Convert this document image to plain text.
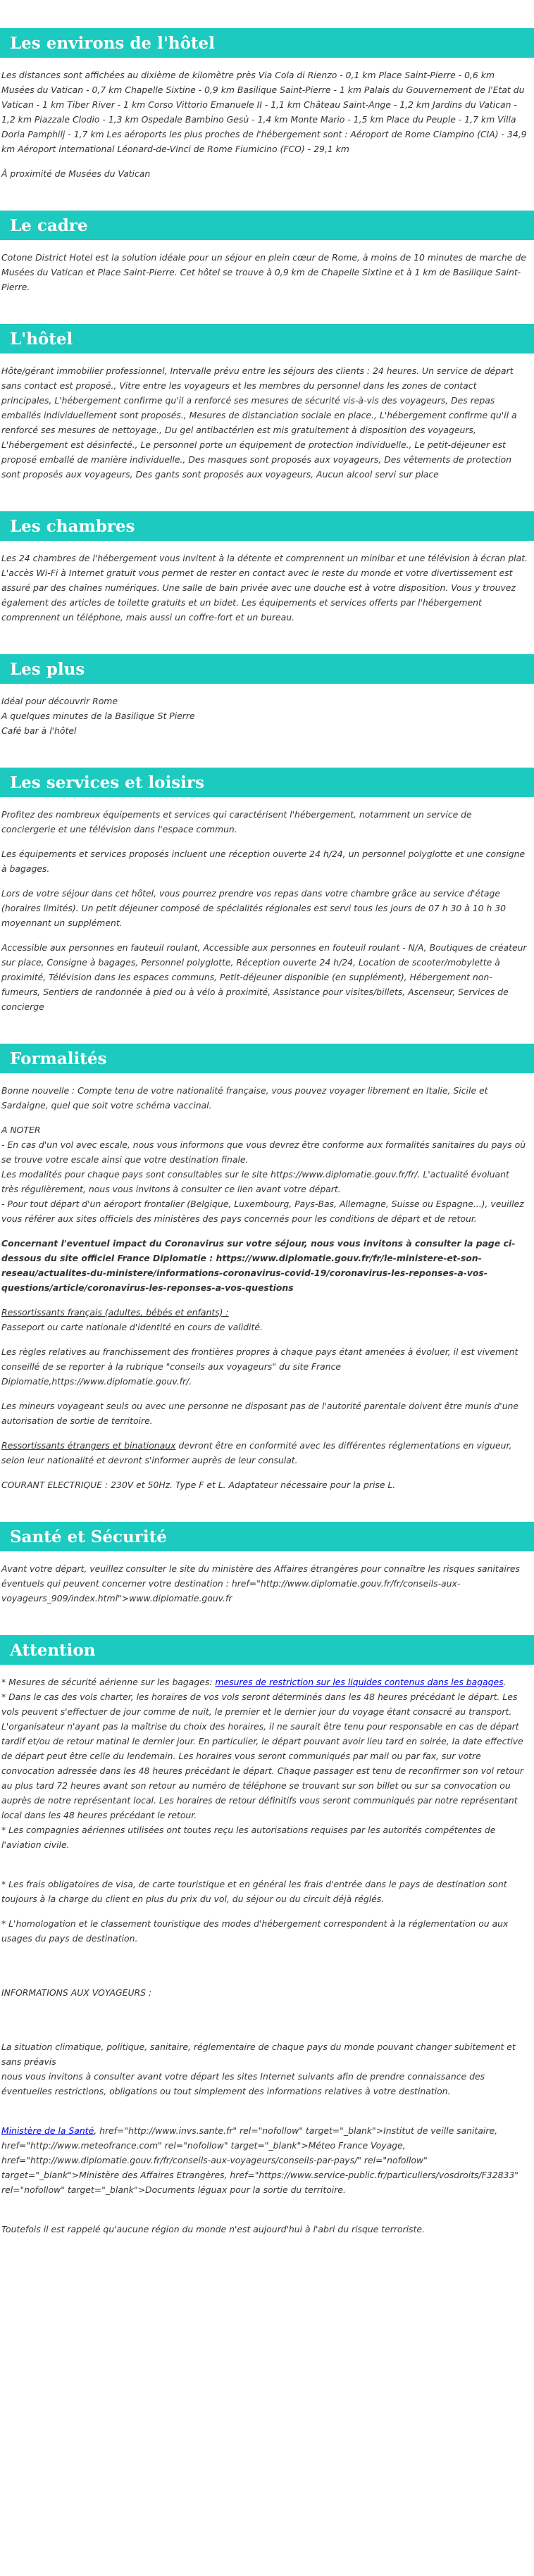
Les environs de l'hôtel

Les distances sont affichées au dixième de kilomètre près Via Cola di Rienzo - 0,1 km Place Saint-Pierre - 0,6 km Musées du Vatican - 0,7 km Chapelle Sixtine - 0,9 km Basilique Saint-Pierre - 1 km Palais du Gouvernement de l'Etat du Vatican - 1 km Tiber River - 1 km Corso Vittorio Emanuele II - 1,1 km Château Saint-Ange - 1,2 km Jardins du Vatican - 1,2 km Piazzale Clodio - 1,3 km Ospedale Bambino Gesù - 1,4 km Monte Mario - 1,5 km Place du Peuple - 1,7 km Villa Doria Pamphilj - 1,7 km Les aéroports les plus proches de l'hébergement sont : Aéroport de Rome Ciampino (CIA) - 34,9 km Aéroport international Léonard-de-Vinci de Rome Fiumicino (FCO) - 29,1 km

À proximité de Musées du Vatican

Le cadre

Cotone District Hotel est la solution idéale pour un séjour en plein cœur de Rome, à moins de 10 minutes de marche de Musées du Vatican et Place Saint-Pierre. Cet hôtel se trouve à 0,9 km de Chapelle Sixtine et à 1 km de Basilique Saint-Pierre.

L'hôtel

Hôte/gérant immobilier professionnel, Intervalle prévu entre les séjours des clients : 24 heures. Un service de départ sans contact est proposé., Vitre entre les voyageurs et les membres du personnel dans les zones de contact principales, L'hébergement confirme qu'il a renforcé ses mesures de sécurité vis-à-vis des voyageurs, Des repas emballés individuellement sont proposés., Mesures de distanciation sociale en place., L'hébergement confirme qu'il a renforcé ses mesures de nettoyage., Du gel antibactérien est mis gratuitement à disposition des voyageurs, L'hébergement est désinfecté., Le personnel porte un équipement de protection individuelle., Le petit-déjeuner est proposé emballé de manière individuelle., Des masques sont proposés aux voyageurs, Des vêtements de protection sont proposés aux voyageurs, Des gants sont proposés aux voyageurs, Aucun alcool servi sur place

Les chambres

Les 24 chambres de l'hébergement vous invitent à la détente et comprennent un minibar et une télévision à écran plat. L'accès Wi-Fi à Internet gratuit vous permet de rester en contact avec le reste du monde et votre divertissement est assuré par des chaînes numériques. Une salle de bain privée avec une douche est à votre disposition. Vous y trouvez également des articles de toilette gratuits et un bidet. Les équipements et services offerts par l'hébergement comprennent un téléphone, mais aussi un coffre-fort et un bureau.

Les plus
Idéal pour découvrir Rome
A quelques minutes de la Basilique St Pierre
Café bar à l'hôtel
Les services et loisirs

Profitez des nombreux équipements et services qui caractérisent l'hébergement, notamment un service de conciergerie et une télévision dans l'espace commun.

Les équipements et services proposés incluent une réception ouverte 24 h/24, un personnel polyglotte et une consigne à bagages.

Lors de votre séjour dans cet hôtel, vous pourrez prendre vos repas dans votre chambre grâce au service d'étage (horaires limités). Un petit déjeuner composé de spécialités régionales est servi tous les jours de 07 h 30 à 10 h 30 moyennant un supplément.

Accessible aux personnes en fauteuil roulant, Accessible aux personnes en fouteuil roulant - N/A, Boutiques de créateur sur place, Consigne à bagages, Personnel polyglotte, Réception ouverte 24 h/24, Location de scooter/mobylette à proximité, Télévision dans les espaces communs, Petit-déjeuner disponible (en supplément), Hébergement non-fumeurs, Sentiers de randonnée à pied ou à vélo à proximité, Assistance pour visites/billets, Ascenseur, Services de concierge

Formalités

Bonne nouvelle : Compte tenu de votre nationalité française, vous pouvez voyager librement en Italie, Sicile et Sardaigne, quel que soit votre schéma vaccinal.

A NOTER

- En cas d'un vol avec escale, nous vous informons que vous devrez être conforme aux formalités sanitaires du pays où se trouve votre escale ainsi que votre destination finale.

Les modalités pour chaque pays sont consultables sur le site https://www.diplomatie.gouv.fr/fr/. L'actualité évoluant très régulièrement, nous vous invitons à consulter ce lien avant votre départ.

- Pour tout départ d'un aéroport frontalier (Belgique, Luxembourg, Pays-Bas, Allemagne, Suisse ou Espagne...), veuillez vous référer aux sites officiels des ministères des pays concernés pour les conditions de départ et de retour.

Concernant l'eventuel impact du Coronavirus sur votre séjour, nous vous invitons à consulter la page ci-dessous du site officiel France Diplomatie : https://www.diplomatie.gouv.fr/fr/le-ministere-et-son-reseau/actualites-du-ministere/informations-coronavirus-covid-19/coronavirus-les-reponses-a-vos-questions/article/coronavirus-les-reponses-a-vos-questions

Ressortissants français (adultes, bébés et enfants) :

Passeport ou carte nationale d'identité en cours de validité.

Les règles relatives au franchissement des frontières propres à chaque pays étant amenées à évoluer, il est vivement conseillé de se reporter à la rubrique "conseils aux voyageurs" du site France Diplomatie,https://www.diplomatie.gouv.fr/.

Les mineurs voyageant seuls ou avec une personne ne disposant pas de l'autorité parentale doivent être munis d'une autorisation de sortie de territoire.

Ressortissants étrangers et binationaux devront être en conformité avec les différentes réglementations en vigueur, selon leur nationalité et devront s'informer auprès de leur consulat.

COURANT ELECTRIQUE : 230V et 50Hz. Type F et L. Adaptateur nécessaire pour la prise L.

Santé et Sécurité

Avant votre départ, veuillez consulter le site du ministère des Affaires étrangères pour connaître les risques sanitaires éventuels qui peuvent concerner votre destination : href="http://www.diplomatie.gouv.fr/fr/conseils-aux-voyageurs_909/index.html">www.diplomatie.gouv.fr

Attention

* Mesures de sécurité aérienne sur les bagages: mesures de restriction sur les liquides contenus dans les bagages.

* Dans le cas des vols charter, les horaires de vos vols seront déterminés dans les 48 heures précédant le départ. Les vols peuvent s'effectuer de jour comme de nuit, le premier et le dernier jour du voyage étant consacré au transport. L'organisateur n'ayant pas la maîtrise du choix des horaires, il ne saurait être tenu pour responsable en cas de départ tardif et/ou de retour matinal le dernier jour. En particulier, le départ pouvant avoir lieu tard en soirée, la date effective de départ peut être celle du lendemain. Les horaires vous seront communiqués par mail ou par fax, sur votre convocation adressée dans les 48 heures précédant le départ. Chaque passager est tenu de reconfirmer son vol retour au plus tard 72 heures avant son retour au numéro de téléphone se trouvant sur son billet ou sur sa convocation ou auprès de notre représentant local. Les horaires de retour définitifs vous seront communiqués par notre représentant local dans les 48 heures précédant le retour.

* Les compagnies aériennes utilisées ont toutes reçu les autorisations requises par les autorités compétentes de l'aviation civile.

* Les frais obligatoires de visa, de carte touristique et en général les frais d'entrée dans le pays de destination sont toujours à la charge du client en plus du prix du vol, du séjour ou du circuit déjà réglés.

* L'homologation et le classement touristique des modes d'hébergement correspondent à la réglementation ou aux usages du pays de destination.

INFORMATIONS AUX VOYAGEURS :

La situation climatique, politique, sanitaire, réglementaire de chaque pays du monde pouvant changer subitement et sans préavis

nous vous invitons à consulter avant votre départ les sites Internet suivants afin de prendre connaissance des éventuelles restrictions, obligations ou tout simplement des informations relatives à votre destination.

Ministère de la Santé, href="http://www.invs.sante.fr" rel="nofollow" target="_blank">Institut de veille sanitaire, href="http://www.meteofrance.com" rel="nofollow" target="_blank">Méteo France Voyage, href="http://www.diplomatie.gouv.fr/fr/conseils-aux-voyageurs/conseils-par-pays/" rel="nofollow" target="_blank">Ministère des Affaires Etrangères, href="https://www.service-public.fr/particuliers/vosdroits/F32833" rel="nofollow" target="_blank">Documents léguax pour la sortie du territoire.

Toutefois il est rappelé qu'aucune région du monde n'est aujourd'hui à l'abri du risque terroriste.
